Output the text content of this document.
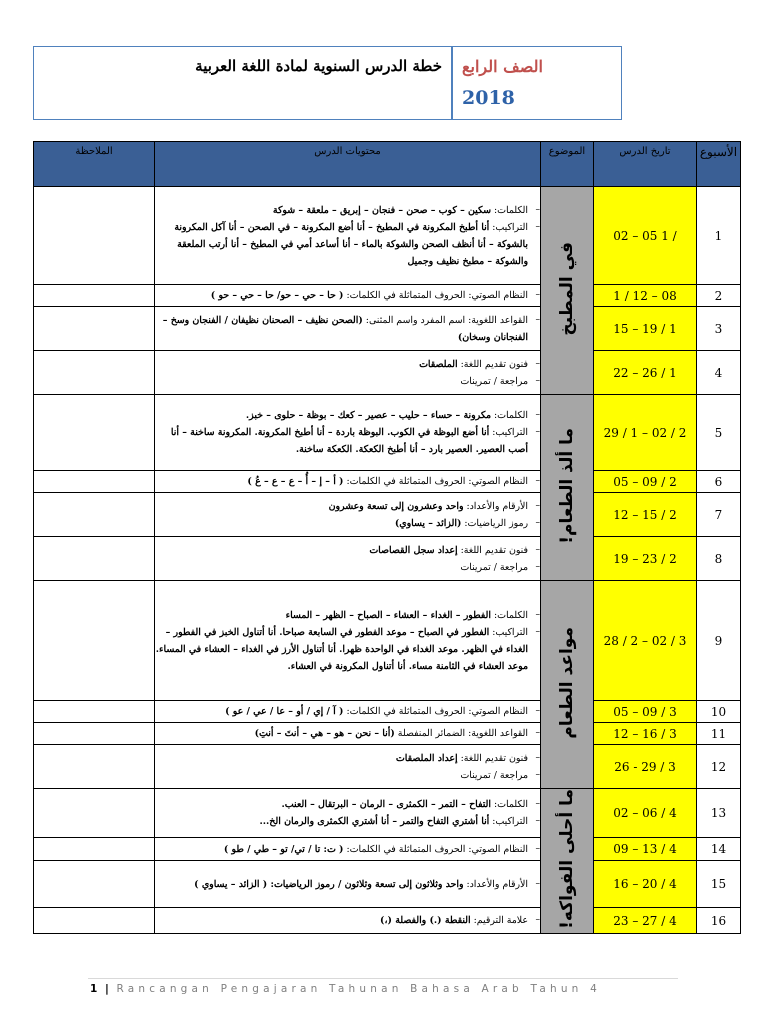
خطة الدرس السنوية لمادة اللغة العربية الصف الرابع
2018
الأسبوع	تاريخ الدرس	الموضوع	محتويات الدرس	الملاحظة
1	02 – 05 1 /	في المطبخ	– الكلمات: سكين – كوب – صحن – فنجان – إبريق – ملعقة – شوكة
– التراكيب: أنا أطبخ المكرونة في المطبخ – أنا أضع المكرونة – في الصحن – أنا آكل المكرونة بالشوكة – أنا أنظف الصحن والشوكة بالماء – أنا أساعد أمي في المطبخ – أنا أرتب الملعقة والشوكة – مطبخ نظيف وجميل

2	1 / 12 – 08		– النظام الصوتي: الحروف المتماثلة في الكلمات: ( حا – حي – حو/ حا – حي – حو )

3	15 – 19 / 1		– القواعد اللغوية: اسم المفرد واسم المثنى: (الصحن نظيف – الصحنان نظيفان / الفنجان وسخ – الفنجانان وسخان)

4	22 – 26 / 1		– فنون تقديم اللغة: الملصقات
– مراجعة / تمرينات

5	29 / 1 – 02 / 2	ما ألذ الطعام!	– الكلمات: مكرونة – حساء – حليب – عصير – كعك – بوظة – حلوى – خبز.
– التراكيب: أنا أضع البوظة في الكوب. البوظة باردة – أنا أطبخ المكرونة. المكرونة ساخنة – أنا أصب العصير. العصير بارد – أنا أطبخ الكعكة. الكعكة ساخنة.

6	05 – 09 / 2		– النظام الصوتي: الحروف المتماثلة في الكلمات: ( أ – إ – أُ – ع – ع – عُ )

7	12 – 15 / 2		– الأرقام والأعداد: واحد وعشرون إلى تسعة وعشرون
– رموز الرياضيات: (الزائد – يساوي)

8	19 – 23 / 2		– فنون تقديم اللغة: إعداد سجل القصاصات
– مراجعة / تمرينات

9	28 / 2 – 02 / 3	مواعد الطعام	– الكلمات: الفطور – الغداء – العشاء – الصباح – الظهر – المساء
– التراكيب: الفطور في الصباح – موعد الفطور في السابعة صباحا. أنا أتناول الخبز في الفطور – الغداء في الظهر. موعد الغداء في الواحدة ظهرا. أنا أتناول الأرز في الغداء – العشاء في المساء. موعد العشاء في الثامنة مساء. أنا أتناول المكرونة في العشاء.

10	05 – 09 / 3		– النظام الصوتي: الحروف المتماثلة في الكلمات: ( آ / إي / أو – عا / عي / عو )

11	12 – 16 / 3		– القواعد اللغوية: الضمائر المنفصلة (أنا – نحن – هو – هي – أنتَ – أنتِ)

12	26 - 29 / 3		– فنون تقديم اللغة: إعداد الملصقات
– مراجعة / تمرينات

13	02 – 06 / 4	ما أحلى الفواكه!	– الكلمات: التفاح – التمر – الكمثرى – الرمان – البرتقال – العنب.
– التراكيب: أنا أشتري التفاح والتمر – أنا أشتري الكمثرى والرمان الخ...

14	09 – 13 / 4		– النظام الصوتي: الحروف المتماثلة في الكلمات: ( ت: تا / تي/ تو – طي / طو )

15	16 – 20 / 4		– الأرقام والأعداد: واحد وثلاثون إلى تسعة وثلاثون / رموز الرياضيات: ( الزائد – يساوي )

16	23 – 27 / 4		– علامة الترقيم: النقطة (.) والفصلة (،)

1 | Rancangan Pengajaran Tahunan Bahasa Arab Tahun 4
